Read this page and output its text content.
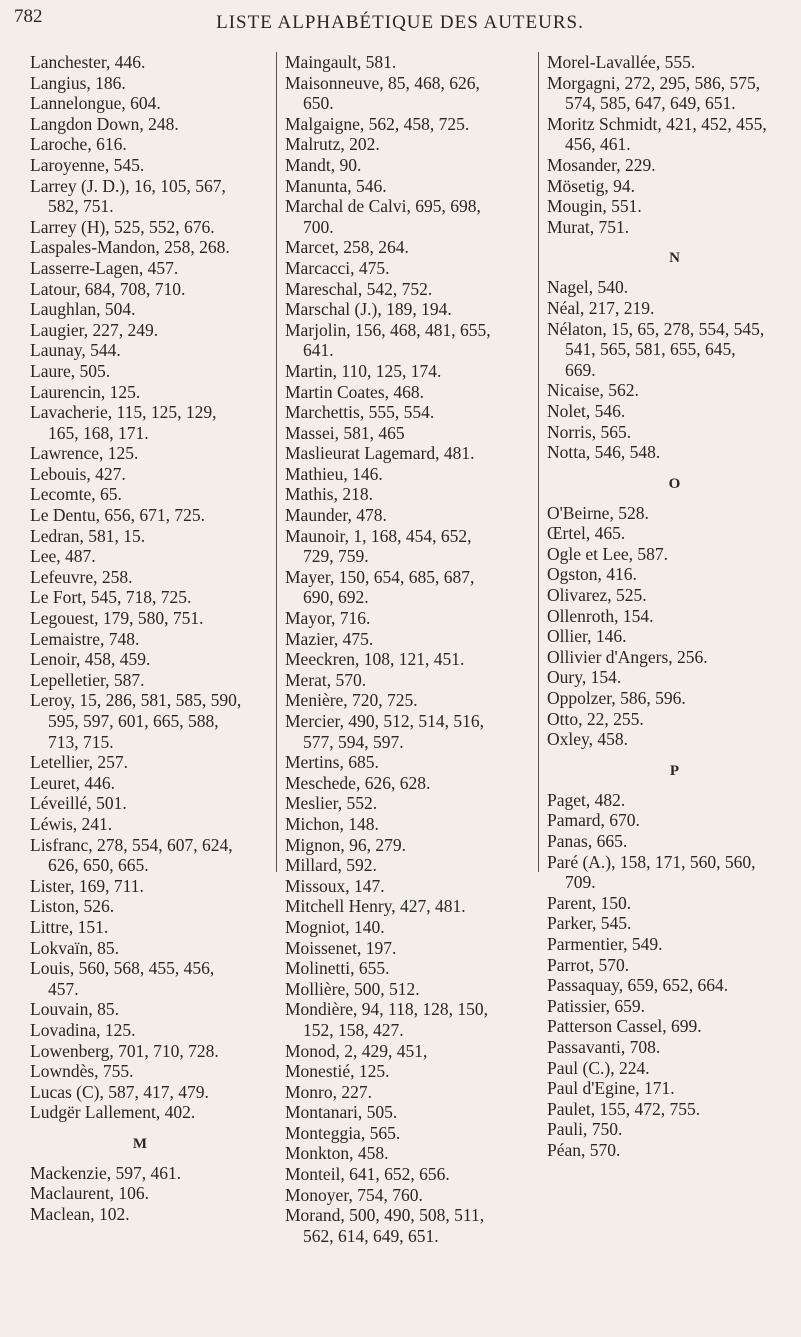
782	LISTE ALPHABÉTIQUE DES AUTEURS.
Lanchester, 446.
Langius, 186.
Lannelongue, 604.
Langdon Down, 248.
Laroche, 616.
Laroyenne, 545.
Larrey (J. D.), 16, 105, 567,

582, 751.
Larrey (H), 525, 552, 676.
Laspales-Mandon, 258, 268.
Lasserre-Lagen, 457.
Latour, 684, 708, 710.
Laughlan, 504.
Laugier, 227, 249.
Launay, 544.
Laure, 505.
Laurencin, 125.
Lavacherie, 115, 125, 129,

165, 168, 171.
Lawrence, 125.
Lebouis, 427.
Lecomte, 65.
Le Dentu, 656, 671, 725.
Ledran, 581, 15.
Lee, 487.
Lefeuvre, 258.
Le Fort, 545, 718, 725.
Legouest, 179, 580, 751.
Lemaistre, 748.
Lenoir, 458, 459.
Lepelletier, 587.
Leroy, 15, 286, 581, 585, 590,

595, 597, 601, 665, 588,
713, 715.
Letellier, 257.
Leuret, 446.
Léveillé, 501.
Léwis, 241.
Lisfranc, 278, 554, 607, 624,

626, 650, 665.
Lister, 169, 711.
Liston, 526.
Littre, 151.
Lokvaïn, 85.
Louis, 560, 568, 455, 456,

457.
Louvain, 85.
Lovadina, 125.
Lowenberg, 701, 710, 728.
Lowndès, 755.
Lucas (C), 587, 417, 479.
Ludgër Lallement, 402.
M
Mackenzie, 597, 461.
Maclaurent, 106.
Maclean, 102.
Maingault, 581.
Maisonneuve, 85, 468, 626,

650.
Malgaigne, 562, 458, 725.
Malrutz, 202.
Mandt, 90.
Manunta, 546.
Marchal de Calvi, 695, 698,

700.
Marcet, 258, 264.
Marcacci, 475.
Mareschal, 542, 752.
Marschal (J.), 189, 194.
Marjolin, 156, 468, 481, 655,

641.
Martin, 110, 125, 174.
Martin Coates, 468.
Marchettis, 555, 554.
Massei, 581, 465
Maslieurat Lagemard, 481.
Mathieu, 146.
Mathis, 218.
Maunder, 478.
Maunoir, 1, 168, 454, 652,

729, 759.
Mayer, 150, 654, 685, 687,

690, 692.
Mayor, 716.
Mazier, 475.
Meeckren, 108, 121, 451.
Merat, 570.
Menière, 720, 725.
Mercier, 490, 512, 514, 516,

577, 594, 597.
Mertins, 685.
Meschede, 626, 628.
Meslier, 552.
Michon, 148.
Mignon, 96, 279.
Millard, 592.
Missoux, 147.
Mitchell Henry, 427, 481.
Mogniot, 140.
Moissenet, 197.
Molinetti, 655.
Mollière, 500, 512.
Mondière, 94, 118, 128, 150,

152, 158, 427.
Monod, 2, 429, 451,
Monestié, 125.
Monro, 227.
Montanari, 505.
Monteggia, 565.
Monkton, 458.
Monteil, 641, 652, 656.
Monoyer, 754, 760.
Morand, 500, 490, 508, 511,

562, 614, 649, 651.
Morel-Lavallée, 555.
Morgagni, 272, 295, 586, 575,

574, 585, 647, 649, 651.
Moritz Schmidt, 421, 452, 455,

456, 461.
Mosander, 229.
Mösetig, 94.
Mougin, 551.
Murat, 751.
N
Nagel, 540.
Néal, 217, 219.
Nélaton, 15, 65, 278, 554, 545,

541, 565, 581, 655, 645,
669.
Nicaise, 562.
Nolet, 546.
Norris, 565.
Notta, 546, 548.
O
O'Beirne, 528.
Œrtel, 465.
Ogle et Lee, 587.
Ogston, 416.
Olivarez, 525.
Ollenroth, 154.
Ollier, 146.
Ollivier d'Angers, 256.
Oury, 154.
Oppolzer, 586, 596.
Otto, 22, 255.
Oxley, 458.
P
Paget, 482.
Pamard, 670.
Panas, 665.
Paré (A.), 158, 171, 560, 560,

709.
Parent, 150.
Parker, 545.
Parmentier, 549.
Parrot, 570.
Passaquay, 659, 652, 664.
Patissier, 659.
Patterson Cassel, 699.
Passavanti, 708.
Paul (C.), 224.
Paul d'Egine, 171.
Paulet, 155, 472, 755.
Pauli, 750.
Péan, 570.
